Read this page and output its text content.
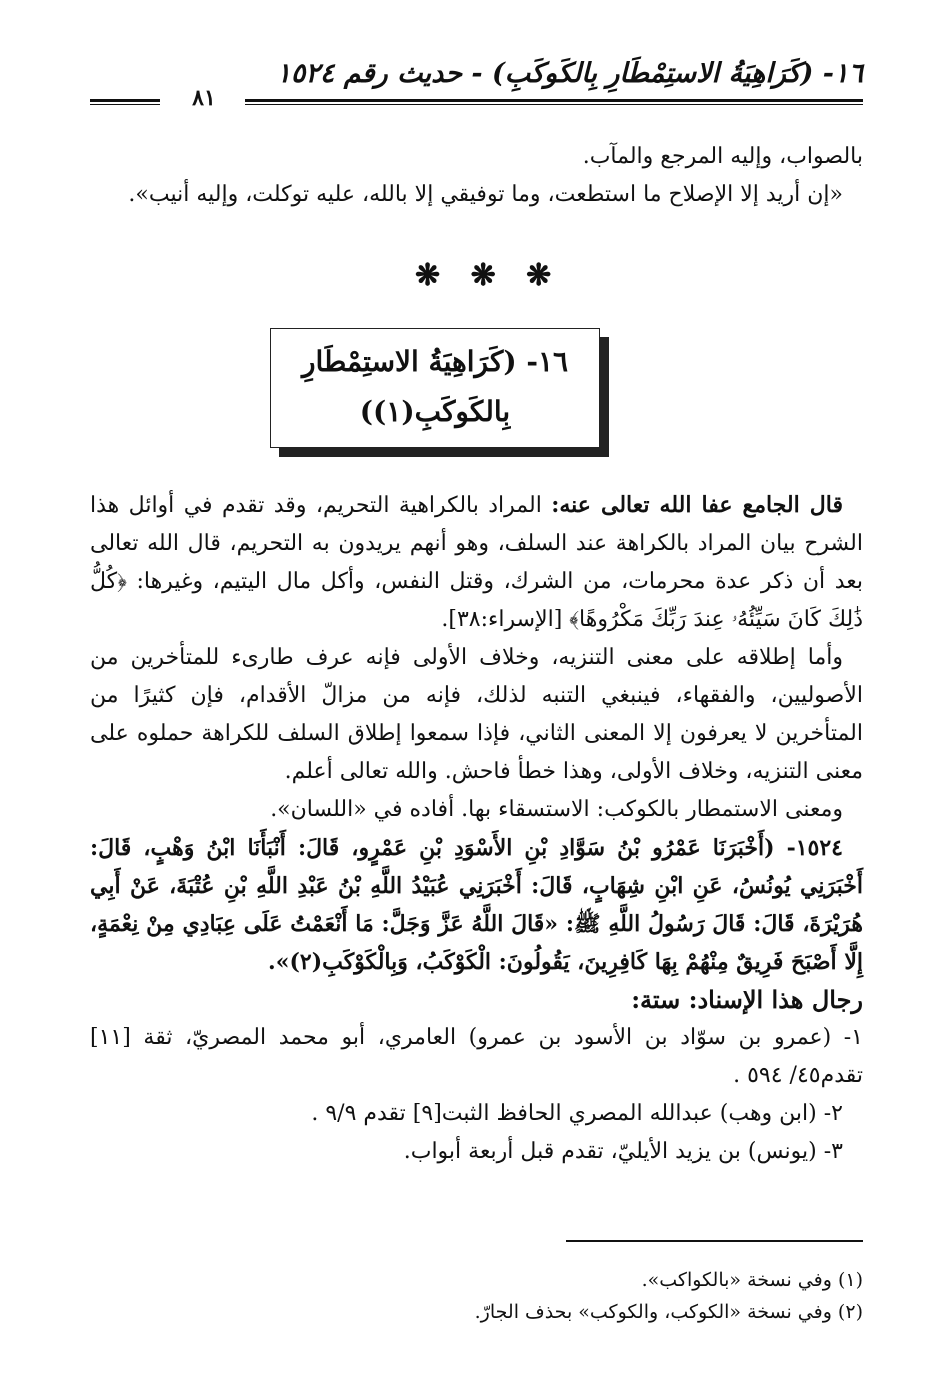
١٦- (كَرَاهِيَةُ الاستِمْطَارِ بِالكَوكَبِ) - حديث رقم ١٥٢٤
٨١

بالصواب، وإليه المرجع والمآب.

«إن أريد إلا الإصلاح ما استطعت، وما توفيقي إلا بالله، عليه توكلت، وإليه أنيب».

❋ ❋ ❋
١٦- (كَرَاهِيَةُ الاستِمْطَارِ
بِالكَوكَبِ(١))

قال الجامع عفا الله تعالى عنه: المراد بالكراهية التحريم، وقد تقدم في أوائل هذا الشرح بيان المراد بالكراهة عند السلف، وهو أنهم يريدون به التحريم، قال الله تعالى بعد أن ذكر عدة محرمات، من الشرك، وقتل النفس، وأكل مال اليتيم، وغيرها: ﴿كُلُّ ذَٰلِكَ كَانَ سَيِّئُهُۥ عِندَ رَبِّكَ مَكْرُوهًا﴾ [الإسراء:٣٨].

وأما إطلاقه على معنى التنزيه، وخلاف الأولى فإنه عرف طارىء للمتأخرين من الأصوليين، والفقهاء، فينبغي التنبه لذلك، فإنه من مزالّ الأقدام، فإن كثيرًا من المتأخرين لا يعرفون إلا المعنى الثاني، فإذا سمعوا إطلاق السلف للكراهة حملوه على معنى التنزيه، وخلاف الأولى، وهذا خطأ فاحش. والله تعالى أعلم.

ومعنى الاستمطار بالكوكب: الاستسقاء بها. أفاده في «اللسان».

١٥٢٤- (أَخْبَرَنَا عَمْرُو بْنُ سَوَّادِ بْنِ الأَسْوَدِ بْنِ عَمْرٍو، قَالَ: أَنْبَأَنَا ابْنُ وَهْبٍ، قَالَ: أَخْبَرَنِي يُونُسُ، عَنِ ابْنِ شِهَابٍ، قَالَ: أَخْبَرَنِي عُبَيْدُ اللَّهِ بْنُ عَبْدِ اللَّهِ بْنِ عُتْبَةَ، عَنْ أَبِي هُرَيْرَةَ، قَالَ: قَالَ رَسُولُ اللَّهِ ﷺ: «قَالَ اللَّهُ عَزَّ وَجَلَّ: مَا أَنْعَمْتُ عَلَى عِبَادِي مِنْ نِعْمَةٍ، إِلَّا أَصْبَحَ فَرِيقٌ مِنْهُمْ بِهَا كَافِرِينَ، يَقُولُونَ: الْكَوْكَبُ، وَبِالْكَوْكَبِ(٢)».

رجال هذا الإسناد: ستة:

١- (عمرو بن سوّاد بن الأسود بن عمرو) العامري، أبو محمد المصريّ، ثقة [١١] تقدم٤٥/ ٥٩٤ .

٢- (ابن وهب) عبدالله المصري الحافظ الثبت[٩] تقدم ٩/٩ .

٣- (يونس) بن يزيد الأيليّ، تقدم قبل أربعة أبواب.

(١) وفي نسخة «بالكواكب».
(٢) وفي نسخة «الكوكب، والكوكب» بحذف الجارّ.
